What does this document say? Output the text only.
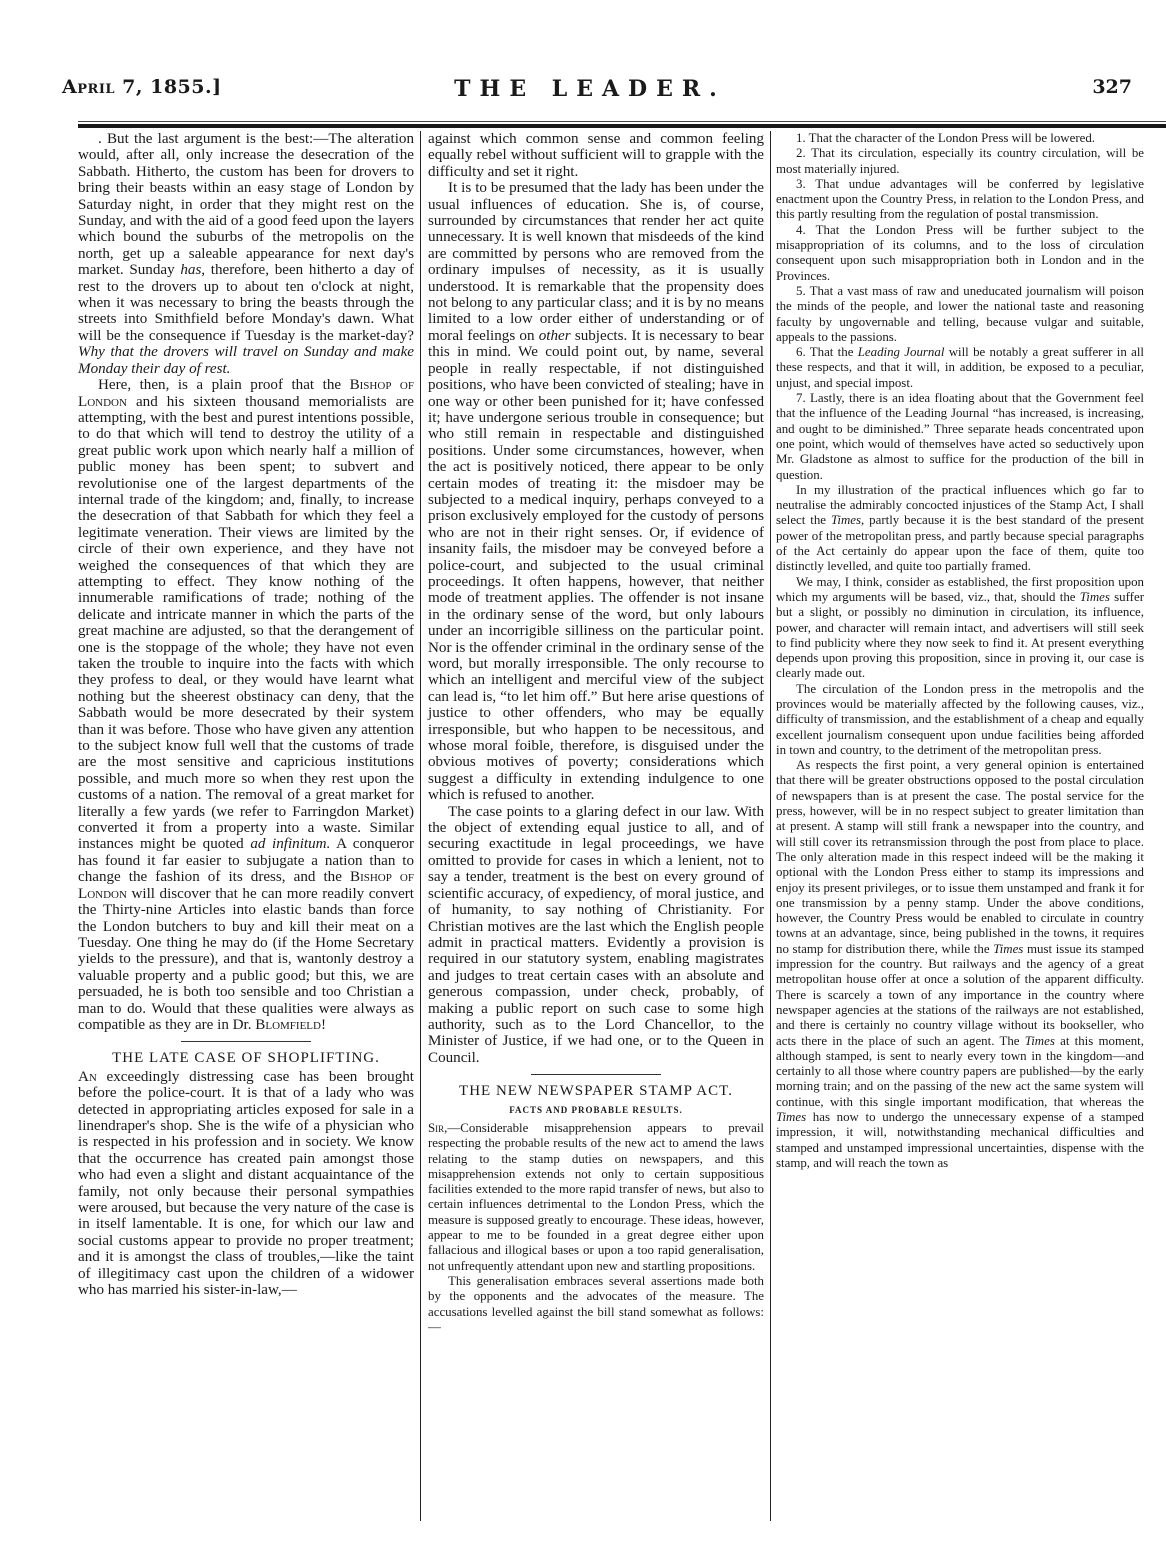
April 7, 1855.]	THE LEADER.	327

. But the last argument is the best:—The alteration would, after all, only increase the desecration of the Sabbath. Hitherto, the custom has been for drovers to bring their beasts within an easy stage of London by Saturday night, in order that they might rest on the Sunday, and with the aid of a good feed upon the layers which bound the suburbs of the metropolis on the north, get up a saleable appearance for next day's market. Sunday has, therefore, been hitherto a day of rest to the drovers up to about ten o'clock at night, when it was necessary to bring the beasts through the streets into Smithfield before Monday's dawn. What will be the consequence if Tuesday is the market-day? Why that the drovers will travel on Sunday and make Monday their day of rest.

Here, then, is a plain proof that the Bishop of London and his sixteen thousand memorialists are attempting, with the best and purest intentions possible, to do that which will tend to destroy the utility of a great public work upon which nearly half a million of public money has been spent; to subvert and revolutionise one of the largest departments of the internal trade of the kingdom; and, finally, to increase the desecration of that Sabbath for which they feel a legitimate veneration. Their views are limited by the circle of their own experience, and they have not weighed the consequences of that which they are attempting to effect. They know nothing of the innumerable ramifications of trade; nothing of the delicate and intricate manner in which the parts of the great machine are adjusted, so that the derangement of one is the stoppage of the whole; they have not even taken the trouble to inquire into the facts with which they profess to deal, or they would have learnt what nothing but the sheerest obstinacy can deny, that the Sabbath would be more desecrated by their system than it was before. Those who have given any attention to the subject know full well that the customs of trade are the most sensitive and capricious institutions possible, and much more so when they rest upon the customs of a nation. The removal of a great market for literally a few yards (we refer to Farringdon Market) converted it from a property into a waste. Similar instances might be quoted ad infinitum. A conqueror has found it far easier to subjugate a nation than to change the fashion of its dress, and the Bishop of London will discover that he can more readily convert the Thirty-nine Articles into elastic bands than force the London butchers to buy and kill their meat on a Tuesday. One thing he may do (if the Home Secretary yields to the pressure), and that is, wantonly destroy a valuable property and a public good; but this, we are persuaded, he is both too sensible and too Christian a man to do. Would that these qualities were always as compatible as they are in Dr. Blomfield!

THE LATE CASE OF SHOPLIFTING.

An exceedingly distressing case has been brought before the police-court. It is that of a lady who was detected in appropriating articles exposed for sale in a linendraper's shop. She is the wife of a physician who is respected in his profession and in society. We know that the occurrence has created pain amongst those who had even a slight and distant acquaintance of the family, not only because their personal sympathies were aroused, but because the very nature of the case is in itself lamentable. It is one, for which our law and social customs appear to provide no proper treatment; and it is amongst the class of troubles,—like the taint of illegitimacy cast upon the children of a widower who has married his sister-in-law,—

against which common sense and common feeling equally rebel without sufficient will to grapple with the difficulty and set it right.

It is to be presumed that the lady has been under the usual influences of education. She is, of course, surrounded by circumstances that render her act quite unnecessary. It is well known that misdeeds of the kind are committed by persons who are removed from the ordinary impulses of necessity, as it is usually understood. It is remarkable that the propensity does not belong to any particular class; and it is by no means limited to a low order either of understanding or of moral feelings on other subjects. It is necessary to bear this in mind. We could point out, by name, several people in really respectable, if not distinguished positions, who have been convicted of stealing; have in one way or other been punished for it; have confessed it; have undergone serious trouble in consequence; but who still remain in respectable and distinguished positions. Under some circumstances, however, when the act is positively noticed, there appear to be only certain modes of treating it: the misdoer may be subjected to a medical inquiry, perhaps conveyed to a prison exclusively employed for the custody of persons who are not in their right senses. Or, if evidence of insanity fails, the misdoer may be conveyed before a police-court, and subjected to the usual criminal proceedings. It often happens, however, that neither mode of treatment applies. The offender is not insane in the ordinary sense of the word, but only labours under an incorrigible silliness on the particular point. Nor is the offender criminal in the ordinary sense of the word, but morally irresponsible. The only recourse to which an intelligent and merciful view of the subject can lead is, “to let him off.” But here arise questions of justice to other offenders, who may be equally irresponsible, but who happen to be necessitous, and whose moral foible, therefore, is disguised under the obvious motives of poverty; considerations which suggest a difficulty in extending indulgence to one which is refused to another.

The case points to a glaring defect in our law. With the object of extending equal justice to all, and of securing exactitude in legal proceedings, we have omitted to provide for cases in which a lenient, not to say a tender, treatment is the best on every ground of scientific accuracy, of expediency, of moral justice, and of humanity, to say nothing of Christianity. For Christian motives are the last which the English people admit in practical matters. Evidently a provision is required in our statutory system, enabling magistrates and judges to treat certain cases with an absolute and generous compassion, under check, probably, of making a public report on such case to some high authority, such as to the Lord Chancellor, to the Minister of Justice, if we had one, or to the Queen in Council.

THE NEW NEWSPAPER STAMP ACT.
FACTS AND PROBABLE RESULTS.

Sir,—Considerable misapprehension appears to prevail respecting the probable results of the new act to amend the laws relating to the stamp duties on newspapers, and this misapprehension extends not only to certain suppositious facilities extended to the more rapid transfer of news, but also to certain influences detrimental to the London Press, which the measure is supposed greatly to encourage. These ideas, however, appear to me to be founded in a great degree either upon fallacious and illogical bases or upon a too rapid generalisation, not unfrequently attendant upon new and startling propositions.

This generalisation embraces several assertions made both by the opponents and the advocates of the measure. The accusations levelled against the bill stand somewhat as follows:—

1. That the character of the London Press will be lowered.

2. That its circulation, especially its country circulation, will be most materially injured.

3. That undue advantages will be conferred by legislative enactment upon the Country Press, in relation to the London Press, and this partly resulting from the regulation of postal transmission.

4. That the London Press will be further subject to the misappropriation of its columns, and to the loss of circulation consequent upon such misappropriation both in London and in the Provinces.

5. That a vast mass of raw and uneducated journalism will poison the minds of the people, and lower the national taste and reasoning faculty by ungovernable and telling, because vulgar and suitable, appeals to the passions.

6. That the Leading Journal will be notably a great sufferer in all these respects, and that it will, in addition, be exposed to a peculiar, unjust, and special impost.

7. Lastly, there is an idea floating about that the Government feel that the influence of the Leading Journal “has increased, is increasing, and ought to be diminished.” Three separate heads concentrated upon one point, which would of themselves have acted so seductively upon Mr. Gladstone as almost to suffice for the production of the bill in question.

In my illustration of the practical influences which go far to neutralise the admirably concocted injustices of the Stamp Act, I shall select the Times, partly because it is the best standard of the present power of the metropolitan press, and partly because special paragraphs of the Act certainly do appear upon the face of them, quite too distinctly levelled, and quite too partially framed.

We may, I think, consider as established, the first proposition upon which my arguments will be based, viz., that, should the Times suffer but a slight, or possibly no diminution in circulation, its influence, power, and character will remain intact, and advertisers will still seek to find publicity where they now seek to find it. At present everything depends upon proving this proposition, since in proving it, our case is clearly made out.

The circulation of the London press in the metropolis and the provinces would be materially affected by the following causes, viz., difficulty of transmission, and the establishment of a cheap and equally excellent journalism consequent upon undue facilities being afforded in town and country, to the detriment of the metropolitan press.

As respects the first point, a very general opinion is entertained that there will be greater obstructions opposed to the postal circulation of newspapers than is at present the case. The postal service for the press, however, will be in no respect subject to greater limitation than at present. A stamp will still frank a newspaper into the country, and will still cover its retransmission through the post from place to place. The only alteration made in this respect indeed will be the making it optional with the London Press either to stamp its impressions and enjoy its present privileges, or to issue them unstamped and frank it for one transmission by a penny stamp. Under the above conditions, however, the Country Press would be enabled to circulate in country towns at an advantage, since, being published in the towns, it requires no stamp for distribution there, while the Times must issue its stamped impression for the country. But railways and the agency of a great metropolitan house offer at once a solution of the apparent difficulty. There is scarcely a town of any importance in the country where newspaper agencies at the stations of the railways are not established, and there is certainly no country village without its bookseller, who acts there in the place of such an agent. The Times at this moment, although stamped, is sent to nearly every town in the kingdom—and certainly to all those where country papers are published—by the early morning train; and on the passing of the new act the same system will continue, with this single important modification, that whereas the Times has now to undergo the unnecessary expense of a stamped impression, it will, notwithstanding mechanical difficulties and stamped and unstamped impressional uncertainties, dispense with the stamp, and will reach the town as
